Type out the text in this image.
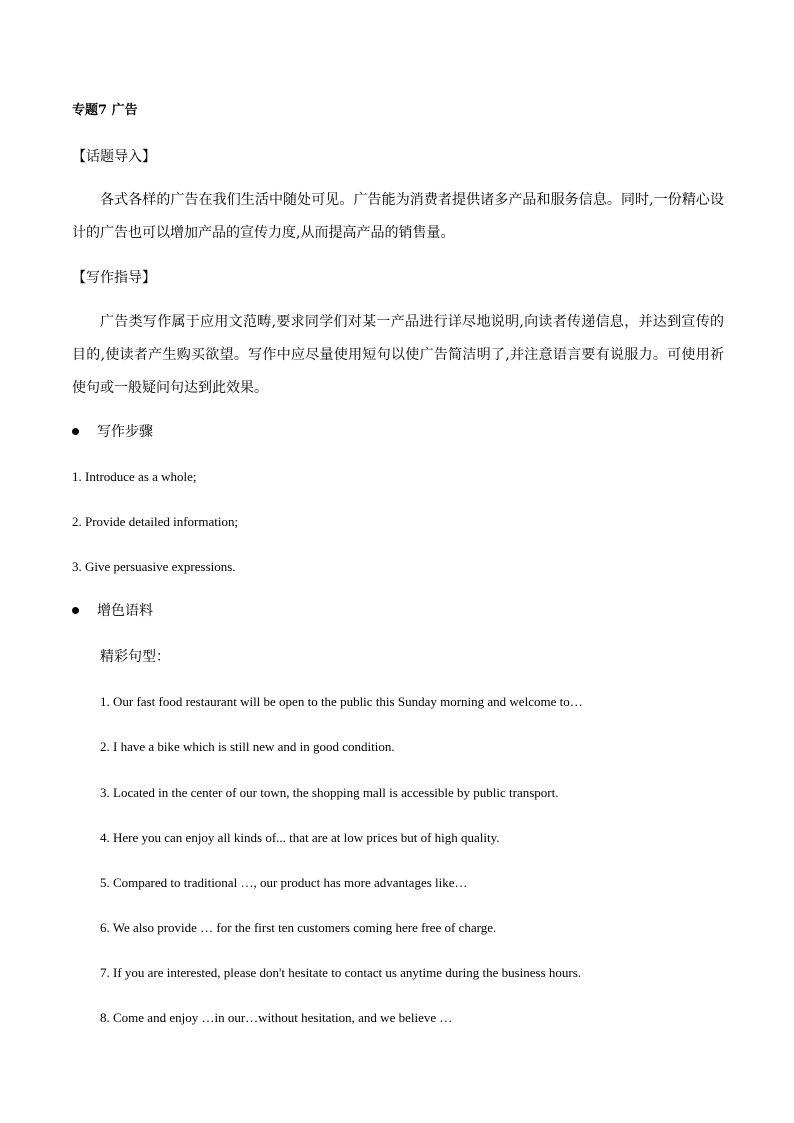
专题7 广告
【话题导入】
各式各样的广告在我们生活中随处可见。广告能为消费者提供诸多产品和服务信息。同时,一份精心设计的广告也可以增加产品的宣传力度,从而提高产品的销售量。
【写作指导】
广告类写作属于应用文范畴,要求同学们对某一产品进行详尽地说明,向读者传递信息，并达到宣传的目的,使读者产生购买欲望。写作中应尽量使用短句以使广告简洁明了,并注意语言要有说服力。可使用祈使句或一般疑问句达到此效果。
写作步骤
1. Introduce as a whole;
2. Provide detailed information;
3. Give persuasive expressions.
增色语料
精彩句型：
1. Our fast food restaurant will be open to the public this Sunday morning and welcome to…
2. I have a bike which is still new and in good condition.
3. Located in the center of our town, the shopping mall is accessible by public transport.
4. Here you can enjoy all kinds of... that are at low prices but of high quality.
5. Compared to traditional …, our product has more advantages like…
6. We also provide … for the first ten customers coming here free of charge.
7. If you are interested, please don't hesitate to contact us anytime during the business hours.
8. Come and enjoy …in our…without hesitation, and we believe …
